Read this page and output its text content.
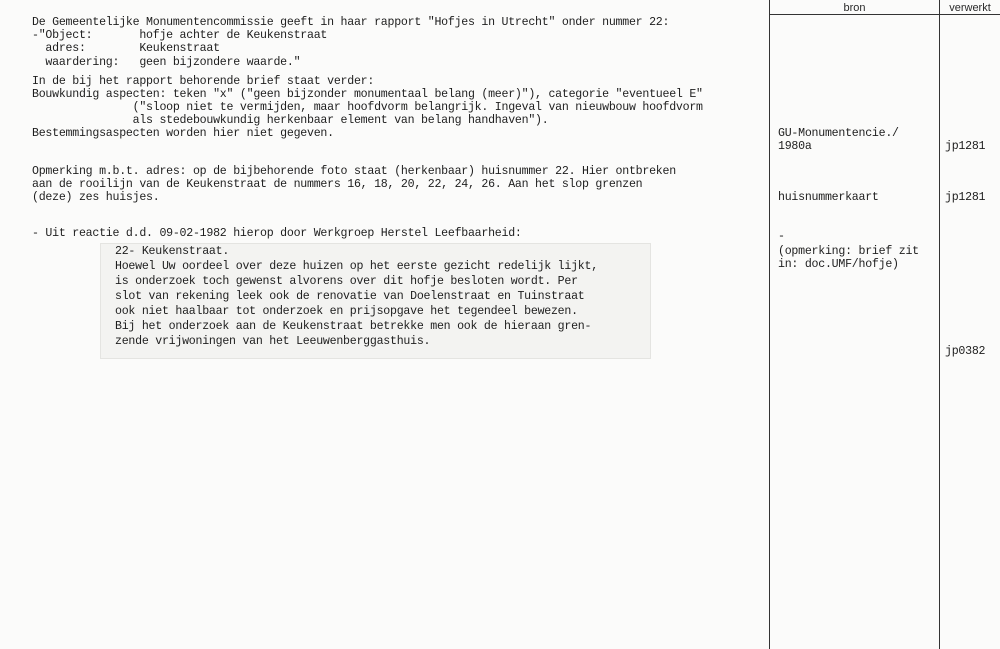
bron	verwerkt
De Gemeentelijke Monumentencommissie geeft in haar rapport "Hofjes in Utrecht" onder nummer 22:
-"Object:       hofje achter de Keukenstraat
adres:        Keukenstraat
waardering:   geen bijzondere waarde."
In de bij het rapport behorende brief staat verder:
Bouwkundig aspecten: teken "x" ("geen bijzonder monumentaal belang (meer)"), categorie "eventueel E"
("sloop niet te vermijden, maar hoofdvorm belangrijk. Ingeval van nieuwbouw hoofdvorm
als stedebouwkundig herkenbaar element van belang handhaven").
Bestemmingsaspecten worden hier niet gegeven.
Opmerking m.b.t. adres: op de bijbehorende foto staat (herkenbaar) huisnummer 22. Hier ontbreken
aan de rooilijn van de Keukenstraat de nummers 16, 18, 20, 22, 24, 26. Aan het slop grenzen
(deze) zes huisjes.
- Uit reactie d.d. 09-02-1982 hierop door Werkgroep Herstel Leefbaarheid:
22- Keukenstraat.
Hoewel Uw oordeel over deze huizen op het eerste gezicht redelijk lijkt,
is onderzoek toch gewenst alvorens over dit hofje besloten wordt. Per
slot van rekening leek ook de renovatie van Doelenstraat en Tuinstraat
ook niet haalbaar tot onderzoek en prijsopgave het tegendeel bewezen.
Bij het onderzoek aan de Keukenstraat betrekke men ook de hieraan gren-
zende vrijwoningen van het Leeuwenberggasthuis.
GU-Monumentencie./
1980a
huisnummerkaart
-
(opmerking: brief zit
in: doc.UMF/hofje)
jp1281
jp1281
jp0382
